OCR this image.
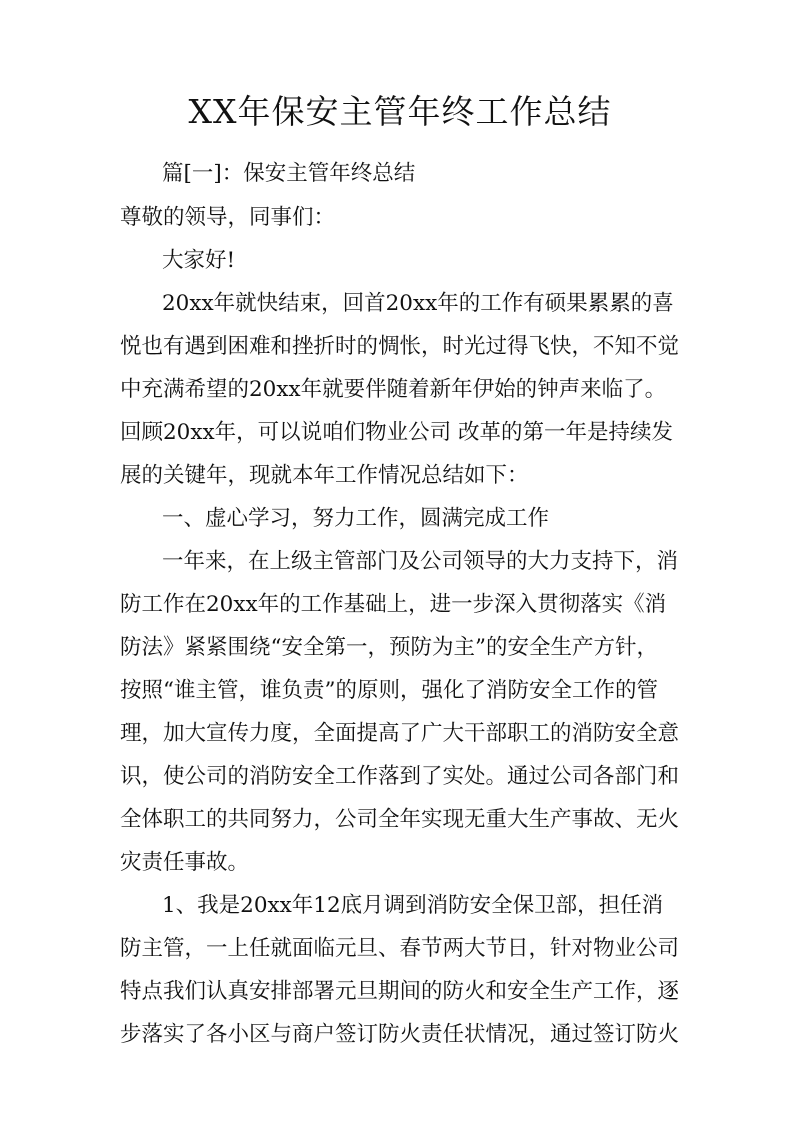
XX年保安主管年终工作总结

篇[一]：保安主管年终总结

尊敬的领导，同事们：

大家好!

20xx年就快结束，回首20xx年的工作有硕果累累的喜

悦也有遇到困难和挫折时的惆怅，时光过得飞快，不知不觉

中充满希望的20xx年就要伴随着新年伊始的钟声来临了。

回顾20xx年，可以说咱们物业公司 改革的第一年是持续发

展的关键年，现就本年工作情况总结如下：

一、虚心学习，努力工作，圆满完成工作

一年来，在上级主管部门及公司领导的大力支持下，消

防工作在20xx年的工作基础上，进一步深入贯彻落实《消

防法》紧紧围绕“安全第一，预防为主”的安全生产方针，

按照“谁主管，谁负责”的原则，强化了消防安全工作的管

理，加大宣传力度，全面提高了广大干部职工的消防安全意

识，使公司的消防安全工作落到了实处。通过公司各部门和

全体职工的共同努力，公司全年实现无重大生产事故、无火

灾责任事故。

1、我是20xx年12底月调到消防安全保卫部，担任消

防主管，一上任就面临元旦、春节两大节日，针对物业公司

特点我们认真安排部署元旦期间的防火和安全生产工作，逐

步落实了各小区与商户签订防火责任状情况，通过签订防火
